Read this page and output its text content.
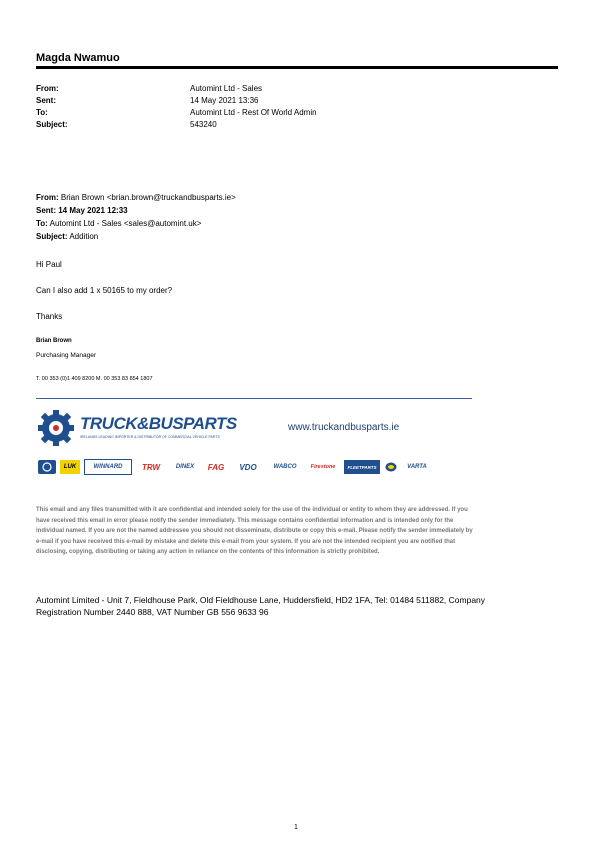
Magda Nwamuo
From:	Automint Ltd - Sales
Sent:	14 May 2021 13:36
To:	Automint Ltd - Rest Of World Admin
Subject:	543240
From: Brian Brown <brian.brown@truckandbusparts.ie>
Sent: 14 May 2021 12:33
To: Automint Ltd - Sales <sales@automint.uk>
Subject: Addition
Hi Paul
Can I also add 1 x 50165 to my order?
Thanks
Brian Brown
Purchasing Manager
T. 00 353 (0)1 409 8200 M. 00 353 83 854 1807
TRUCK&BUSPARTS
IRELANDS LEADING IMPORTER & DISTRIBUTOR OF COMMERCIAL VEHICLE PARTS
www.truckandbusparts.ie
LUK	WINNARD	TRW	DINEX	FAG	VDO	WABCO	Firestone	FLEETPARTS	VARTA
This email and any files transmitted with it are confidential and intended solely for the use of the individual or entity to whom they are addressed. If you have received this email in error please notify the sender immediately. This message contains confidential information and is intended only for the individual named. If you are not the named addressee you should not disseminate, distribute or copy this e-mail. Please notify the sender immediately by e-mail if you have received this e-mail by mistake and delete this e-mail from your system. If you are not the intended recipient you are notified that disclosing, copying, distributing or taking any action in reliance on the contents of this information is strictly prohibited.
Automint Limited - Unit 7, Fieldhouse Park, Old Fieldhouse Lane, Huddersfield, HD2 1FA, Tel: 01484 511882, Company Registration Number 2440 888, VAT Number GB 556 9633 96
1
